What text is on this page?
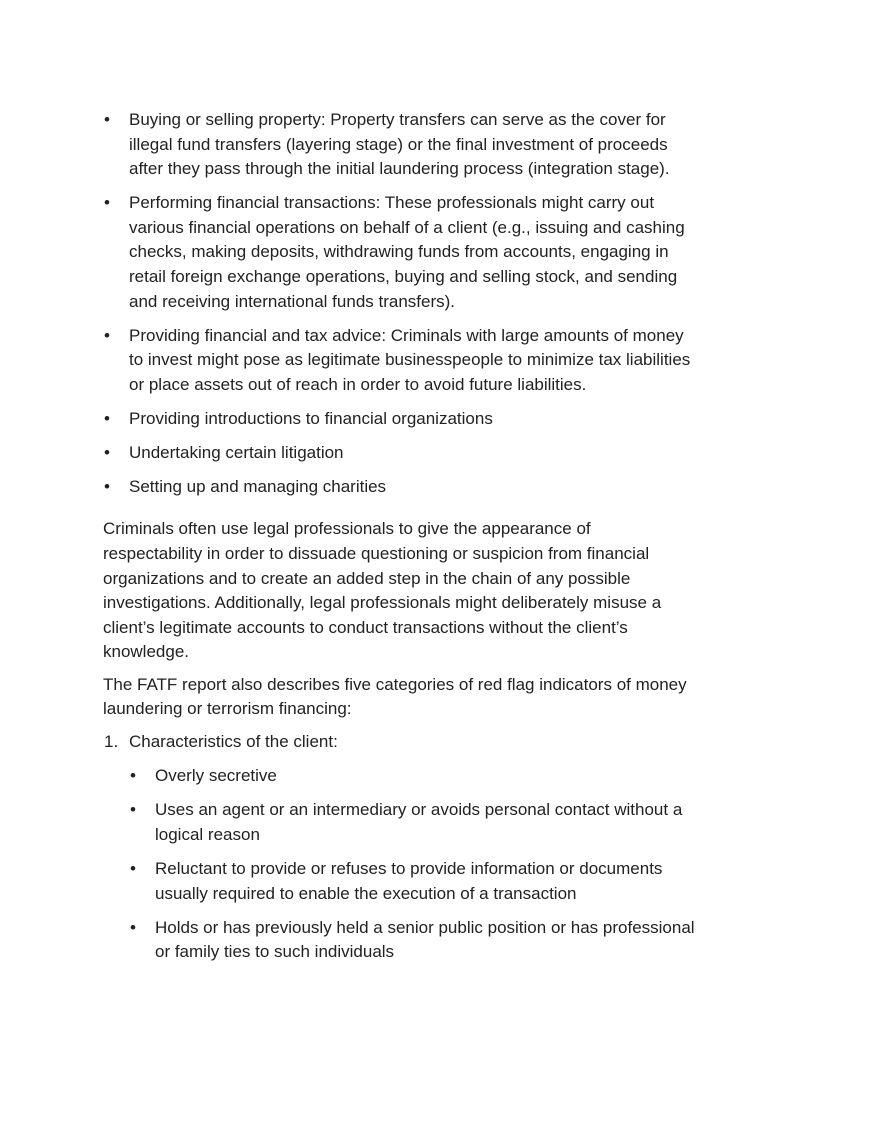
• Buying or selling property: Property transfers can serve as the cover for
illegal fund transfers (layering stage) or the final investment of proceeds
after they pass through the initial laundering process (integration stage).
• Performing financial transactions: These professionals might carry out
various financial operations on behalf of a client (e.g., issuing and cashing
checks, making deposits, withdrawing funds from accounts, engaging in
retail foreign exchange operations, buying and selling stock, and sending
and receiving international funds transfers).
• Providing financial and tax advice: Criminals with large amounts of money
to invest might pose as legitimate businesspeople to minimize tax liabilities
or place assets out of reach in order to avoid future liabilities.
• Providing introductions to financial organizations
• Undertaking certain litigation
• Setting up and managing charities
Criminals often use legal professionals to give the appearance of
respectability in order to dissuade questioning or suspicion from financial
organizations and to create an added step in the chain of any possible
investigations. Additionally, legal professionals might deliberately misuse a
client’s legitimate accounts to conduct transactions without the client’s
knowledge.
The FATF report also describes five categories of red flag indicators of money
laundering or terrorism financing:
1. Characteristics of the client:
• Overly secretive
• Uses an agent or an intermediary or avoids personal contact without a
logical reason
• Reluctant to provide or refuses to provide information or documents
usually required to enable the execution of a transaction
• Holds or has previously held a senior public position or has professional
or family ties to such individuals
